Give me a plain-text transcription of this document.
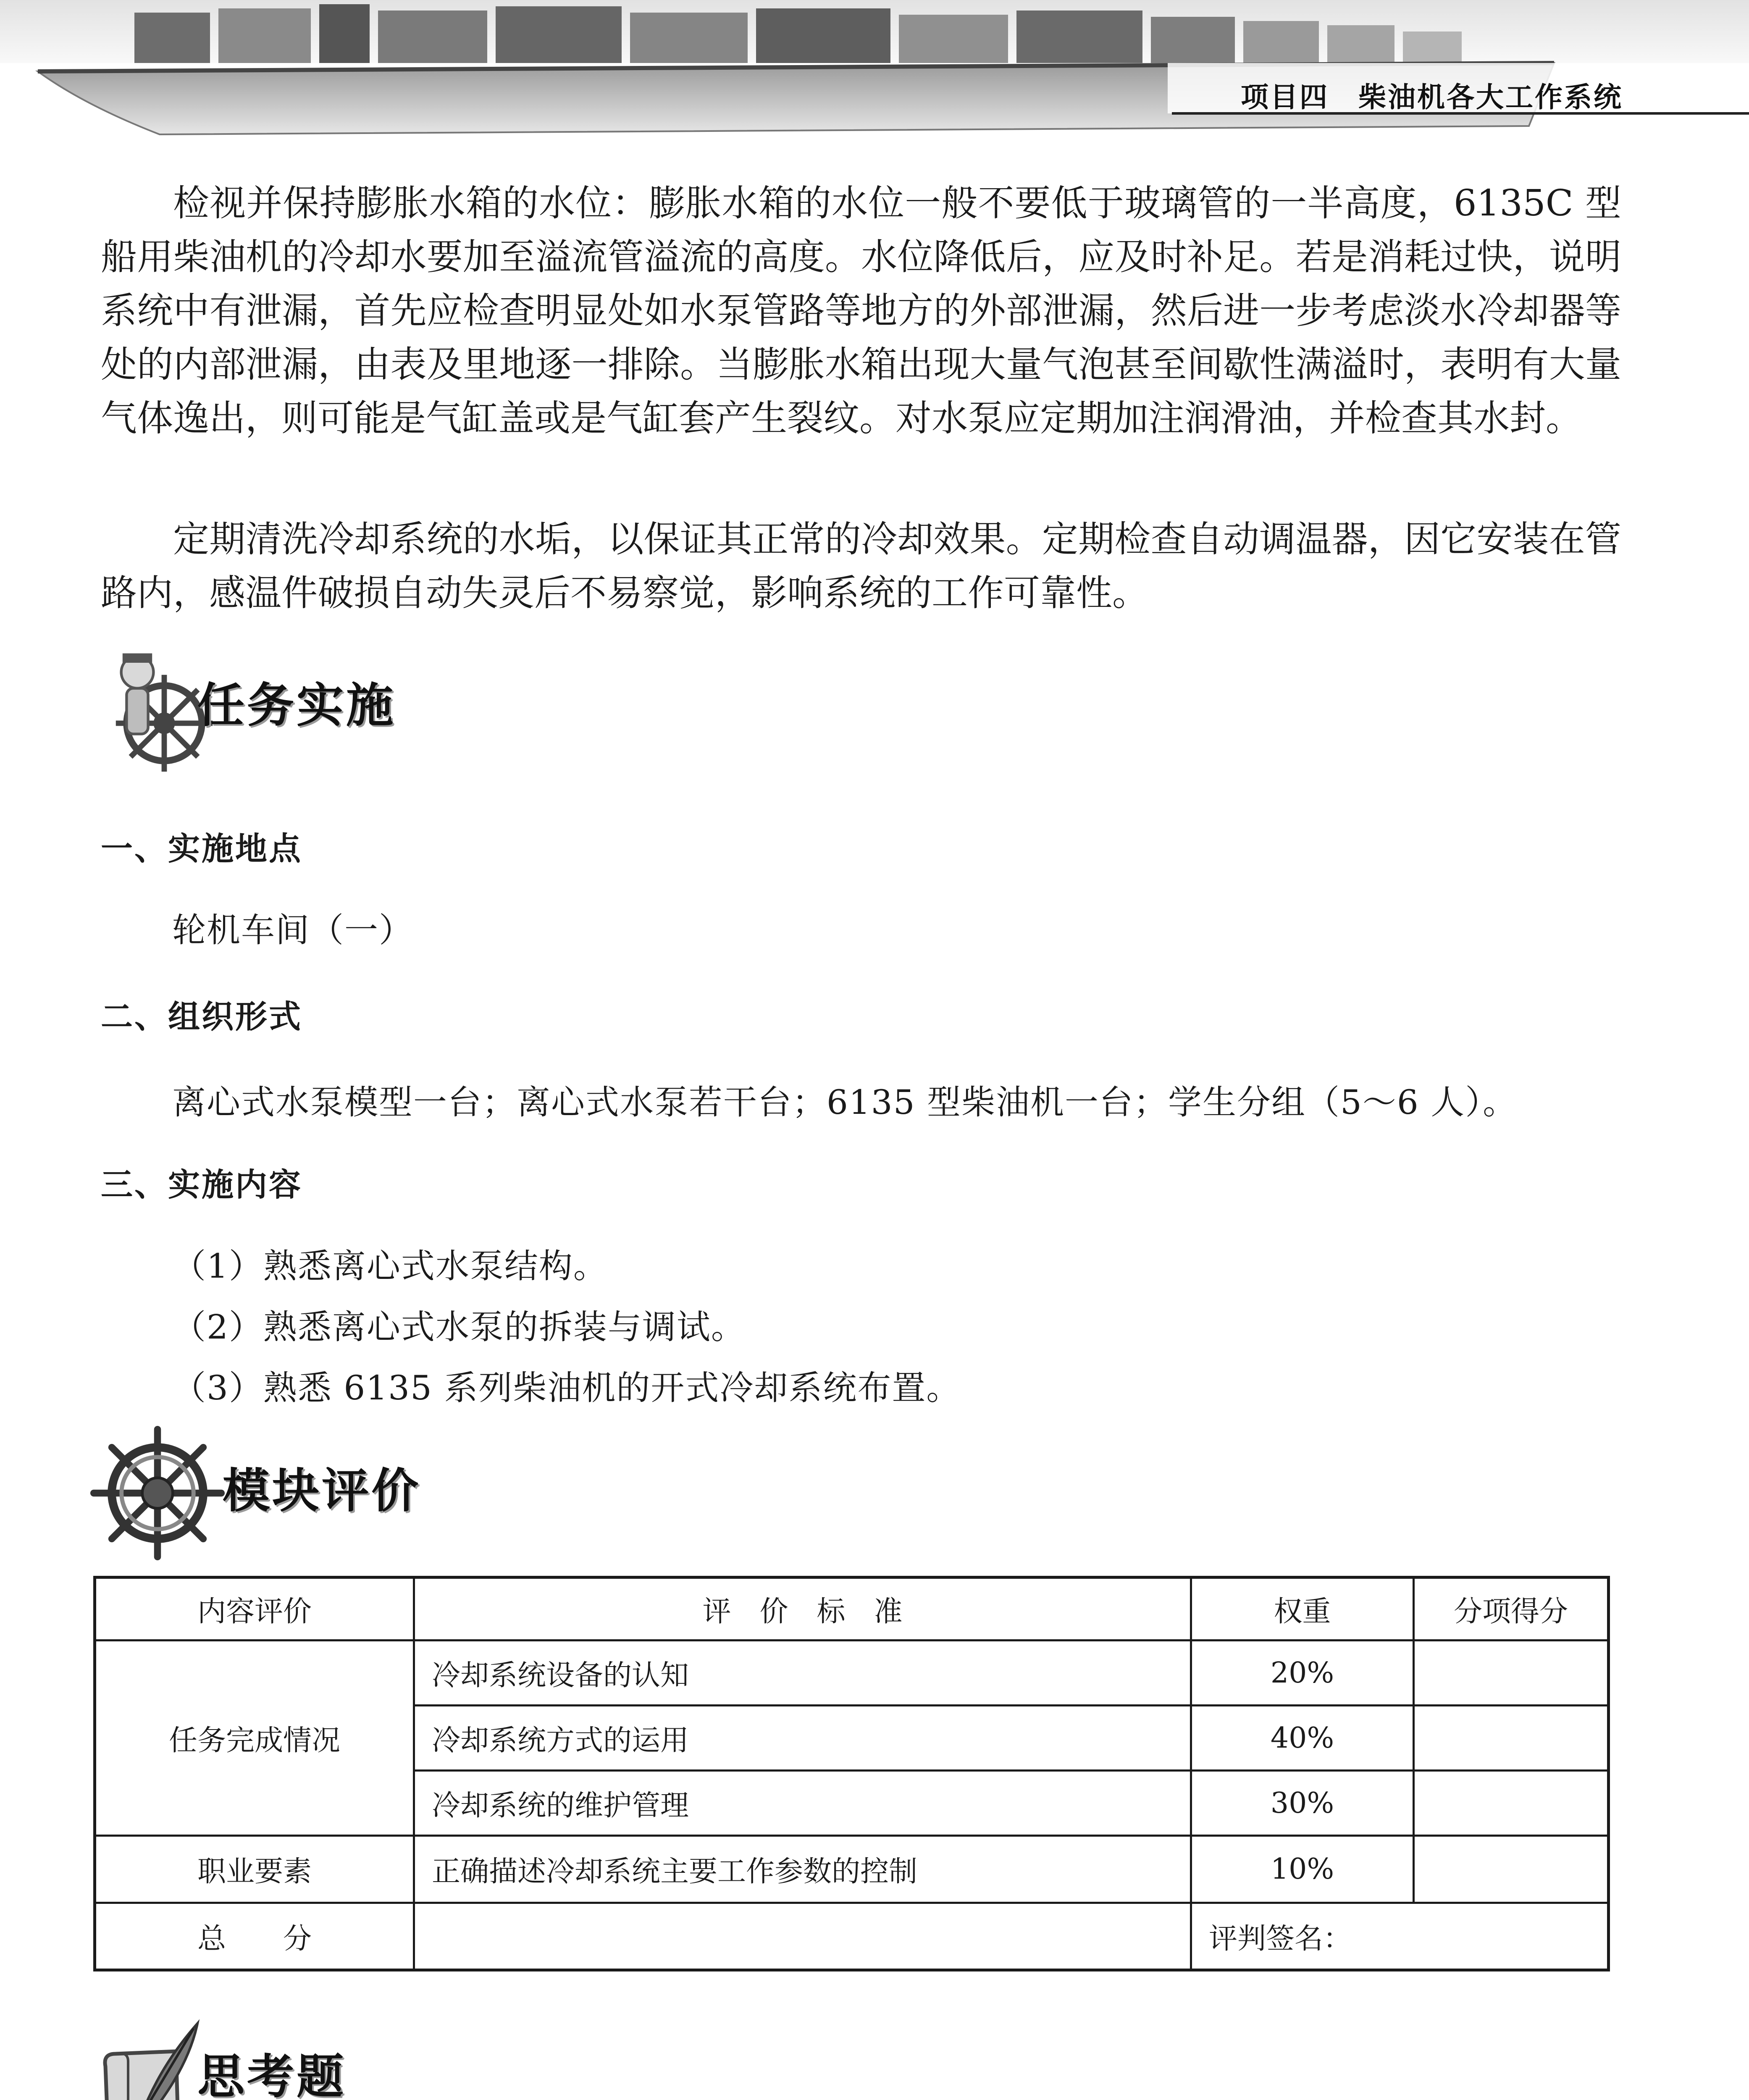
项目四　柴油机各大工作系统

检视并保持膨胀水箱的水位：膨胀水箱的水位一般不要低于玻璃管的一半高度，6135C 型船用柴油机的冷却水要加至溢流管溢流的高度。水位降低后，应及时补足。若是消耗过快，说明系统中有泄漏，首先应检查明显处如水泵管路等地方的外部泄漏，然后进一步考虑淡水冷却器等处的内部泄漏，由表及里地逐一排除。当膨胀水箱出现大量气泡甚至间歇性满溢时，表明有大量气体逸出，则可能是气缸盖或是气缸套产生裂纹。对水泵应定期加注润滑油，并检查其水封。

定期清洗冷却系统的水垢，以保证其正常的冷却效果。定期检查自动调温器，因它安装在管路内，感温件破损自动失灵后不易察觉，影响系统的工作可靠性。

任务实施
一、实施地点
轮机车间（一）
二、组织形式
离心式水泵模型一台；离心式水泵若干台；6135 型柴油机一台；学生分组（5～6 人）。
三、实施内容
（1）熟悉离心式水泵结构。
（2）熟悉离心式水泵的拆装与调试。
（3）熟悉 6135 系列柴油机的开式冷却系统布置。
模块评价
内容评价	评　价　标　准	权重	分项得分
任务完成情况	冷却系统设备的认知	20%	
	冷却系统方式的运用	40%	
	冷却系统的维护管理	30%	
职业要素	正确描述冷却系统主要工作参数的控制	10%	
总　　分		评判签名：	
思考题
